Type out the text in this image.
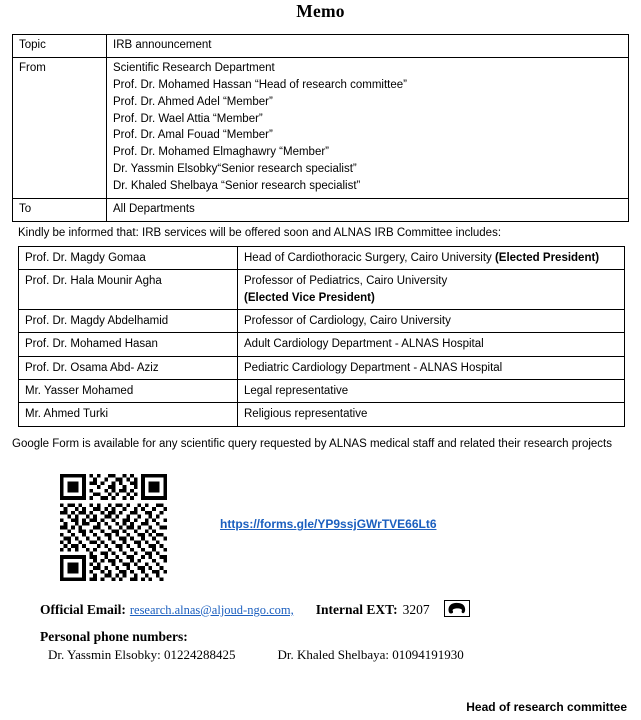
Memo
Topic	IRB announcement
From	Scientific Research Department
Prof. Dr. Mohamed Hassan “Head of research committee”
Prof. Dr. Ahmed Adel “Member”
Prof. Dr. Wael Attia “Member”
Prof. Dr. Amal Fouad “Member”
Prof. Dr. Mohamed Elmaghawry “Member”
Dr. Yassmin Elsobky“Senior research specialist”
Dr. Khaled Shelbaya “Senior research specialist”

To	All Departments
Kindly be informed that: IRB services will be offered soon and ALNAS IRB Committee includes:
Prof. Dr. Magdy Gomaa	Head of Cardiothoracic Surgery, Cairo University (Elected President)
Prof. Dr. Hala Mounir Agha	Professor of Pediatrics, Cairo University
(Elected Vice President)
Prof. Dr. Magdy Abdelhamid	Professor of Cardiology, Cairo University
Prof. Dr. Mohamed Hasan	Adult Cardiology Department - ALNAS Hospital
Prof. Dr. Osama Abd- Aziz	Pediatric Cardiology Department - ALNAS Hospital
Mr. Yasser Mohamed	Legal representative
Mr. Ahmed Turki	Religious representative
Google Form is available for any scientific query requested by ALNAS medical staff and related their research projects
https://forms.gle/YP9ssjGWrTVE66Lt6
Official Email: research.alnas@aljoud-ngo.com, Internal EXT: 3207
Personal phone numbers:
Dr. Yassmin Elsobky: 01224288425	Dr. Khaled Shelbaya: 01094191930
Head of research committee
